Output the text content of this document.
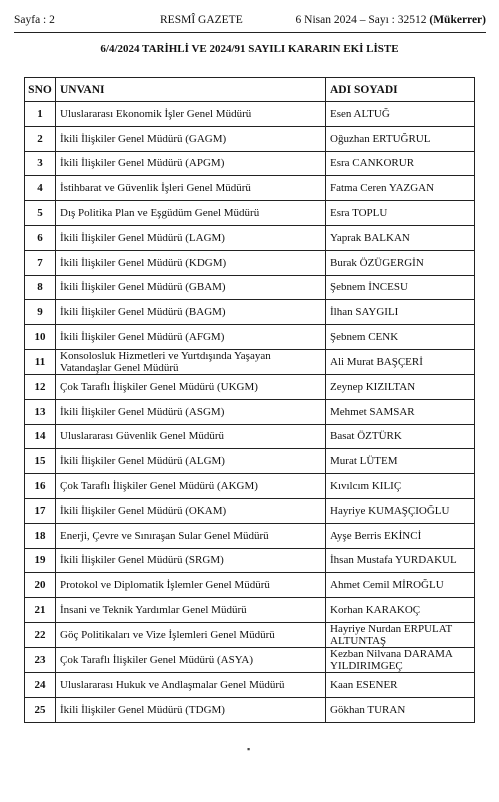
Sayfa : 2	RESMÎ GAZETE	6 Nisan 2024 – Sayı : 32512 (Mükerrer)
6/4/2024 TARİHLİ VE 2024/91 SAYILI KARARIN EKİ LİSTE
SNO	UNVANI	ADI SOYADI
1	Uluslararası Ekonomik İşler Genel Müdürü	Esen ALTUĞ
2	İkili İlişkiler Genel Müdürü (GAGM)	Oğuzhan ERTUĞRUL
3	İkili İlişkiler Genel Müdürü (APGM)	Esra CANKORUR
4	İstihbarat ve Güvenlik İşleri Genel Müdürü	Fatma Ceren YAZGAN
5	Dış Politika Plan ve Eşgüdüm Genel Müdürü	Esra TOPLU
6	İkili İlişkiler Genel Müdürü (LAGM)	Yaprak BALKAN
7	İkili İlişkiler Genel Müdürü (KDGM)	Burak ÖZÜGERGİN
8	İkili İlişkiler Genel Müdürü (GBAM)	Şebnem İNCESU
9	İkili İlişkiler Genel Müdürü (BAGM)	İlhan SAYGILI
10	İkili İlişkiler Genel Müdürü (AFGM)	Şebnem CENK
11	Konsolosluk Hizmetleri ve Yurtdışında Yaşayan Vatandaşlar Genel Müdürü	Ali Murat BAŞÇERİ
12	Çok Taraflı İlişkiler Genel Müdürü (UKGM)	Zeynep KIZILTAN
13	İkili İlişkiler Genel Müdürü (ASGM)	Mehmet SAMSAR
14	Uluslararası Güvenlik Genel Müdürü	Basat ÖZTÜRK
15	İkili İlişkiler Genel Müdürü (ALGM)	Murat LÜTEM
16	Çok Taraflı İlişkiler Genel Müdürü (AKGM)	Kıvılcım KILIÇ
17	İkili İlişkiler Genel Müdürü (OKAM)	Hayriye KUMAŞÇIOĞLU
18	Enerji, Çevre ve Sınıraşan Sular Genel Müdürü	Ayşe Berris EKİNCİ
19	İkili İlişkiler Genel Müdürü (SRGM)	İhsan Mustafa YURDAKUL
20	Protokol ve Diplomatik İşlemler Genel Müdürü	Ahmet Cemil MİROĞLU
21	İnsani ve Teknik Yardımlar Genel Müdürü	Korhan KARAKOÇ
22	Göç Politikaları ve Vize İşlemleri Genel Müdürü	Hayriye Nurdan ERPULAT ALTUNTAŞ
23	Çok Taraflı İlişkiler Genel Müdürü (ASYA)	Kezban Nilvana DARAMA YILDIRIMGEÇ
24	Uluslararası Hukuk ve Andlaşmalar Genel Müdürü	Kaan ESENER
25	İkili İlişkiler Genel Müdürü (TDGM)	Gökhan TURAN
▪
